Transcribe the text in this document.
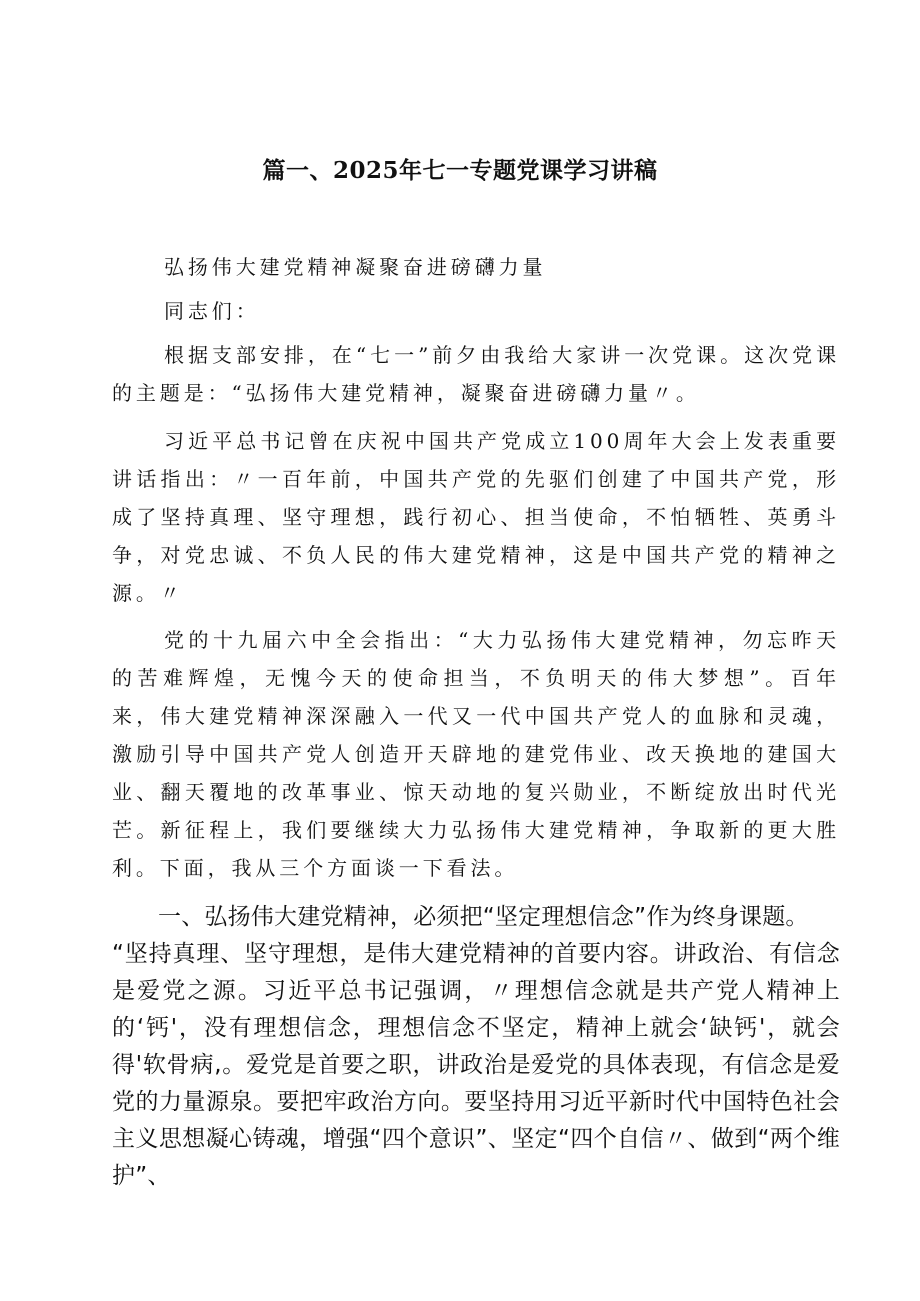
篇一、2025年七一专题党课学习讲稿

弘扬伟大建党精神凝聚奋进磅礴力量

同志们：

根据支部安排，在“七一”前夕由我给大家讲一次党课。这次党课的主题是：“弘扬伟大建党精神，凝聚奋进磅礴力量〃。

习近平总书记曾在庆祝中国共产党成立100周年大会上发表重要讲话指出：〃一百年前，中国共产党的先驱们创建了中国共产党，形成了坚持真理、坚守理想，践行初心、担当使命，不怕牺牲、英勇斗争，对党忠诚、不负人民的伟大建党精神，这是中国共产党的精神之源。〃

党的十九届六中全会指出：“大力弘扬伟大建党精神，勿忘昨天的苦难辉煌，无愧今天的使命担当，不负明天的伟大梦想”。百年来，伟大建党精神深深融入一代又一代中国共产党人的血脉和灵魂，激励引导中国共产党人创造开天辟地的建党伟业、改天换地的建国大业、翻天覆地的改革事业、惊天动地的复兴勋业，不断绽放出时代光芒。新征程上，我们要继续大力弘扬伟大建党精神，争取新的更大胜利。下面，我从三个方面谈一下看法。

一、弘扬伟大建党精神，必须把“坚定理想信念”作为终身课题。

“坚持真理、坚守理想，是伟大建党精神的首要内容。讲政治、有信念是爱党之源。习近平总书记强调，〃理想信念就是共产党人精神上的‘钙'，没有理想信念，理想信念不坚定，精神上就会‘缺钙'，就会得'软骨病,。爱党是首要之职，讲政治是爱党的具体表现，有信念是爱党的力量源泉。要把牢政治方向。要坚持用习近平新时代中国特色社会主义思想凝心铸魂，增强“四个意识”、坚定“四个自信〃、做到“两个维护”、
